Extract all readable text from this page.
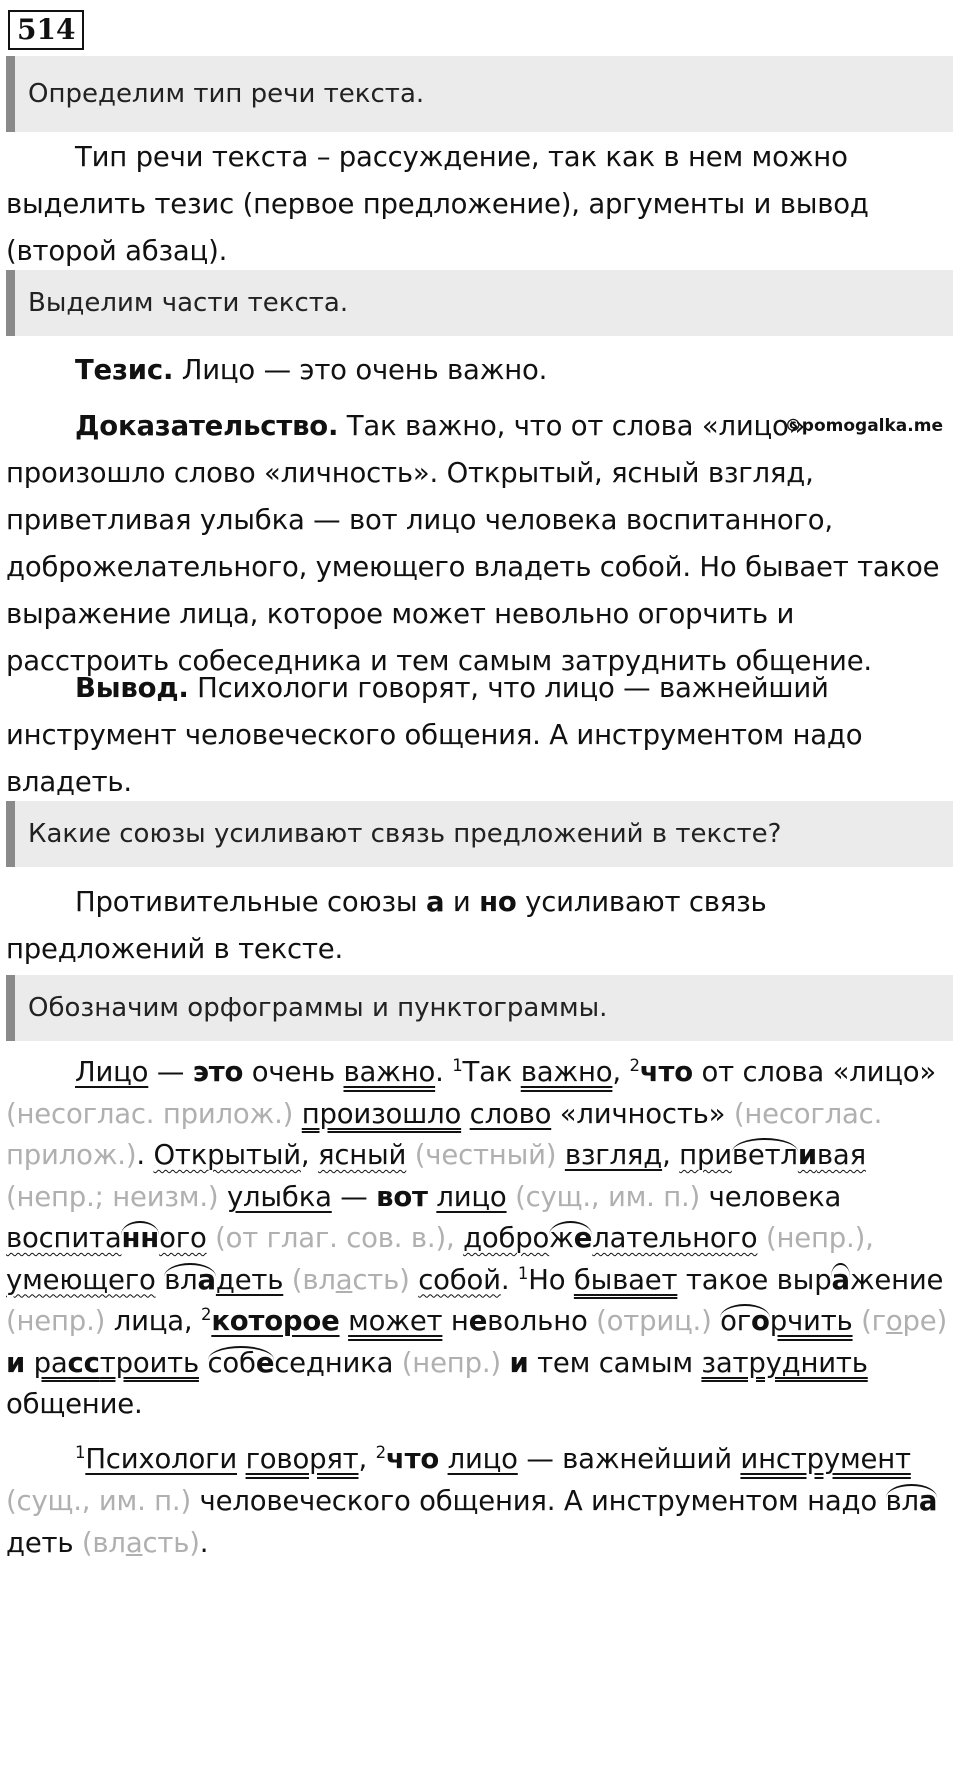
514
Определим тип речи текста.

Тип речи текста – рассуждение, так как в нем можно выделить тезис (первое предложение), аргументы и вывод (второй абзац).

Выделим части текста.

Тезис. Лицо — это очень важно.

©pomogalka.me

Доказательство. Так важно, что от слова «лицо» произошло слово «личность». Открытый, ясный взгляд, приветливая улыбка — вот лицо человека воспитанного, доброжелательного, умеющего владеть собой. Но бывает такое выражение лица, которое может невольно огорчить и расстроить собеседника и тем самым затруднить общение.

Вывод. Психологи говорят, что лицо — важнейший инструмент человеческого общения. А инструментом надо владеть.

Какие союзы усиливают связь предложений в тексте?

Противительные союзы а и но усиливают связь предложений в тексте.

Обозначим орфограммы и пунктограммы.

Лицо — это очень важно. $^1$Так важно, $^2$что от слова «лицо» (несоглас. прилож.) произошло слово «личность» (несоглас. прилож.). Открытый, ясный (честный) взгляд, приветливая (непр.; неизм.) улыбка — вот лицо (сущ., им. п.) человека воспитанного (от глаг. сов. в.), доброжелательного (непр.), умеющего владеть (власть) собой. $^1$Но бывает такое выражение (непр.) лица, $^2$которое может невольно (отриц.) огорчить (горе) и расстроить собеседника (непр.) и тем самым затруднить общение.

$^1$Психологи говорят, $^2$что лицо — важнейший инструмент (сущ., им. п.) человеческого общения. А инструментом надо владеть (власть).
